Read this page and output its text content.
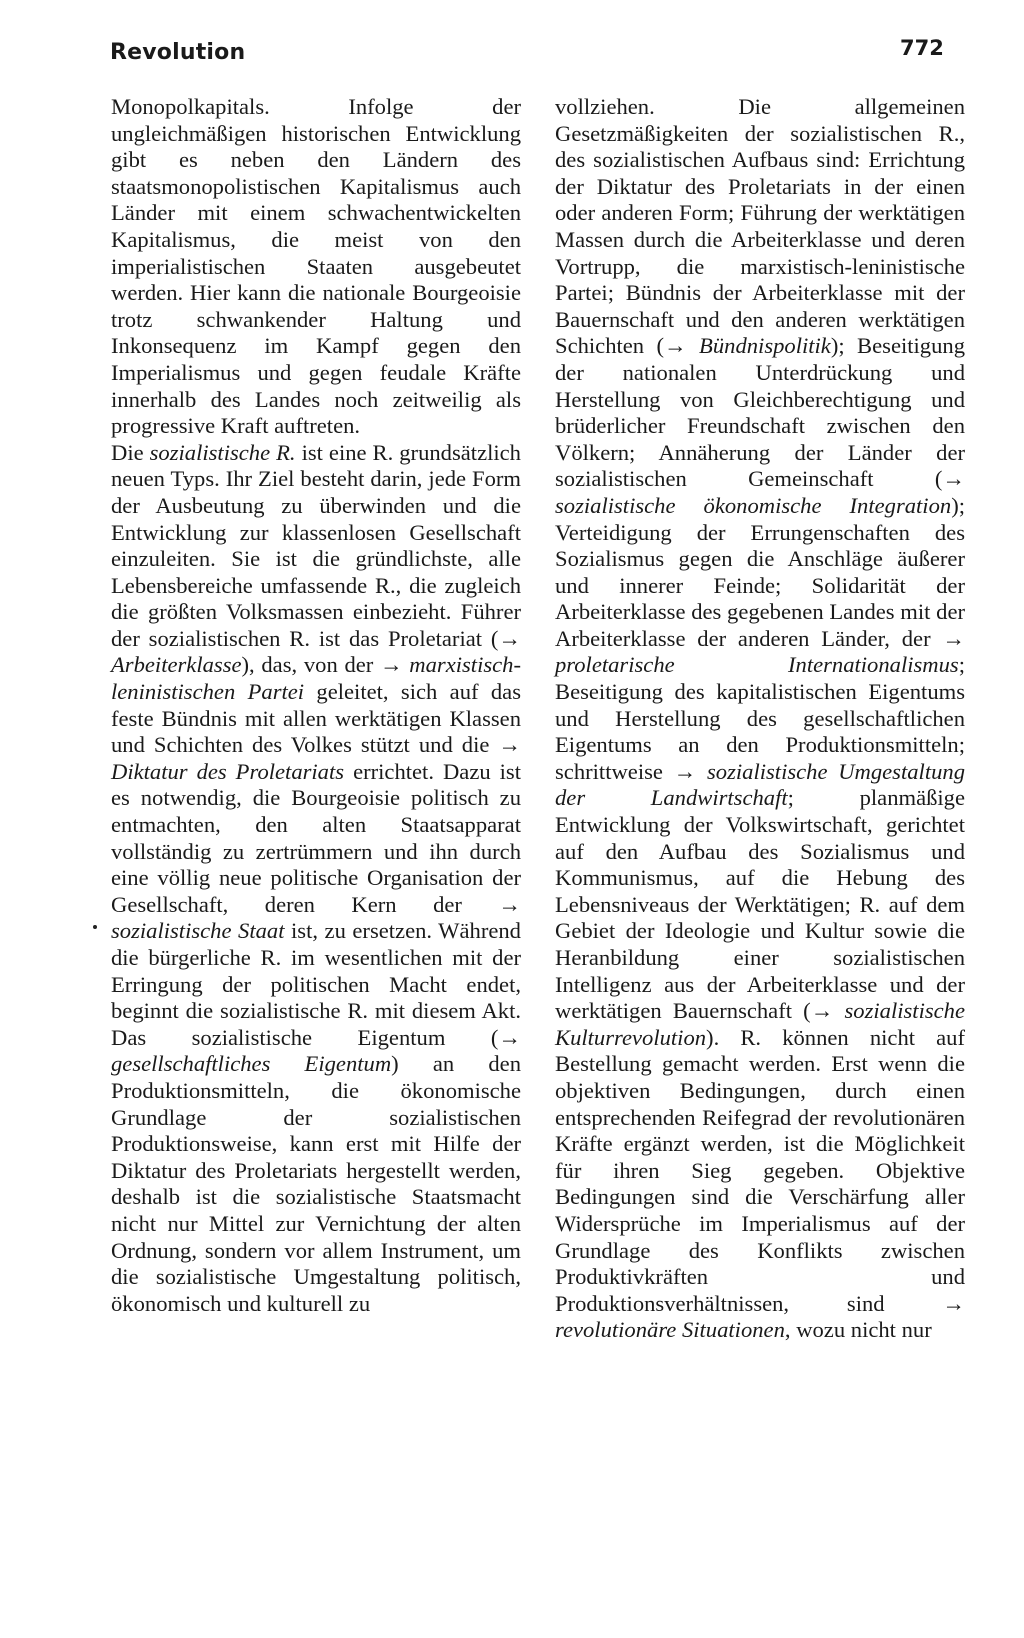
Revolution	772

Monopolkapitals. Infolge der ungleichmäßigen historischen Entwicklung gibt es neben den Ländern des staatsmonopolistischen Kapitalismus auch Länder mit einem schwachentwickelten Kapitalismus, die meist von den imperialistischen Staaten ausgebeutet werden. Hier kann die nationale Bourgeoisie trotz schwankender Haltung und Inkonsequenz im Kampf gegen den Imperialismus und gegen feudale Kräfte innerhalb des Landes noch zeitweilig als progressive Kraft auftreten.

Die sozialistische R. ist eine R. grundsätzlich neuen Typs. Ihr Ziel besteht darin, jede Form der Ausbeutung zu überwinden und die Entwicklung zur klassenlosen Gesellschaft einzuleiten. Sie ist die gründlichste, alle Lebensbereiche umfassende R., die zugleich die größten Volksmassen einbezieht. Führer der sozialistischen R. ist das Proletariat (→ Arbeiterklasse), das, von der → marxistisch-leninistischen Partei geleitet, sich auf das feste Bündnis mit allen werktätigen Klassen und Schichten des Volkes stützt und die → Diktatur des Proletariats errichtet. Dazu ist es notwendig, die Bourgeoisie politisch zu entmachten, den alten Staatsapparat vollständig zu zertrümmern und ihn durch eine völlig neue politische Organisation der Gesellschaft, deren Kern der → sozialistische Staat ist, zu ersetzen. Während die bürgerliche R. im wesentlichen mit der Erringung der politischen Macht endet, beginnt die sozialistische R. mit diesem Akt. Das sozialistische Eigentum (→ gesellschaftliches Eigentum) an den Produktionsmitteln, die ökonomische Grundlage der sozialistischen Produktionsweise, kann erst mit Hilfe der Diktatur des Proletariats hergestellt werden, deshalb ist die sozialistische Staatsmacht nicht nur Mittel zur Vernichtung der alten Ordnung, sondern vor allem Instrument, um die sozialistische Umgestaltung politisch, ökonomisch und kulturell zu

vollziehen. Die allgemeinen Gesetzmäßigkeiten der sozialistischen R., des sozialistischen Aufbaus sind: Errichtung der Diktatur des Proletariats in der einen oder anderen Form; Führung der werktätigen Massen durch die Arbeiterklasse und deren Vortrupp, die marxistisch-leninistische Partei; Bündnis der Arbeiterklasse mit der Bauernschaft und den anderen werktätigen Schichten (→ Bündnispolitik); Beseitigung der nationalen Unterdrückung und Herstellung von Gleichberechtigung und brüderlicher Freundschaft zwischen den Völkern; Annäherung der Länder der sozialistischen Gemeinschaft (→ sozialistische ökonomische Integration); Verteidigung der Errungenschaften des Sozialismus gegen die Anschläge äußerer und innerer Feinde; Solidarität der Arbeiterklasse des gegebenen Landes mit der Arbeiterklasse der anderen Länder, der → proletarische Internationalismus; Beseitigung des kapitalistischen Eigentums und Herstellung des gesellschaftlichen Eigentums an den Produktionsmitteln; schrittweise → sozialistische Umgestaltung der Landwirtschaft; planmäßige Entwicklung der Volkswirtschaft, gerichtet auf den Aufbau des Sozialismus und Kommunismus, auf die Hebung des Lebensniveaus der Werktätigen; R. auf dem Gebiet der Ideologie und Kultur sowie die Heranbildung einer sozialistischen Intelligenz aus der Arbeiterklasse und der werktätigen Bauernschaft (→ sozialistische Kulturrevolution). R. können nicht auf Bestellung gemacht werden. Erst wenn die objektiven Bedingungen, durch einen entsprechenden Reifegrad der revolutionären Kräfte ergänzt werden, ist die Möglichkeit für ihren Sieg gegeben. Objektive Bedingungen sind die Verschärfung aller Widersprüche im Imperialismus auf der Grundlage des Konflikts zwischen Produktivkräften und Produktionsverhältnissen, sind → revolutionäre Situationen, wozu nicht nur
